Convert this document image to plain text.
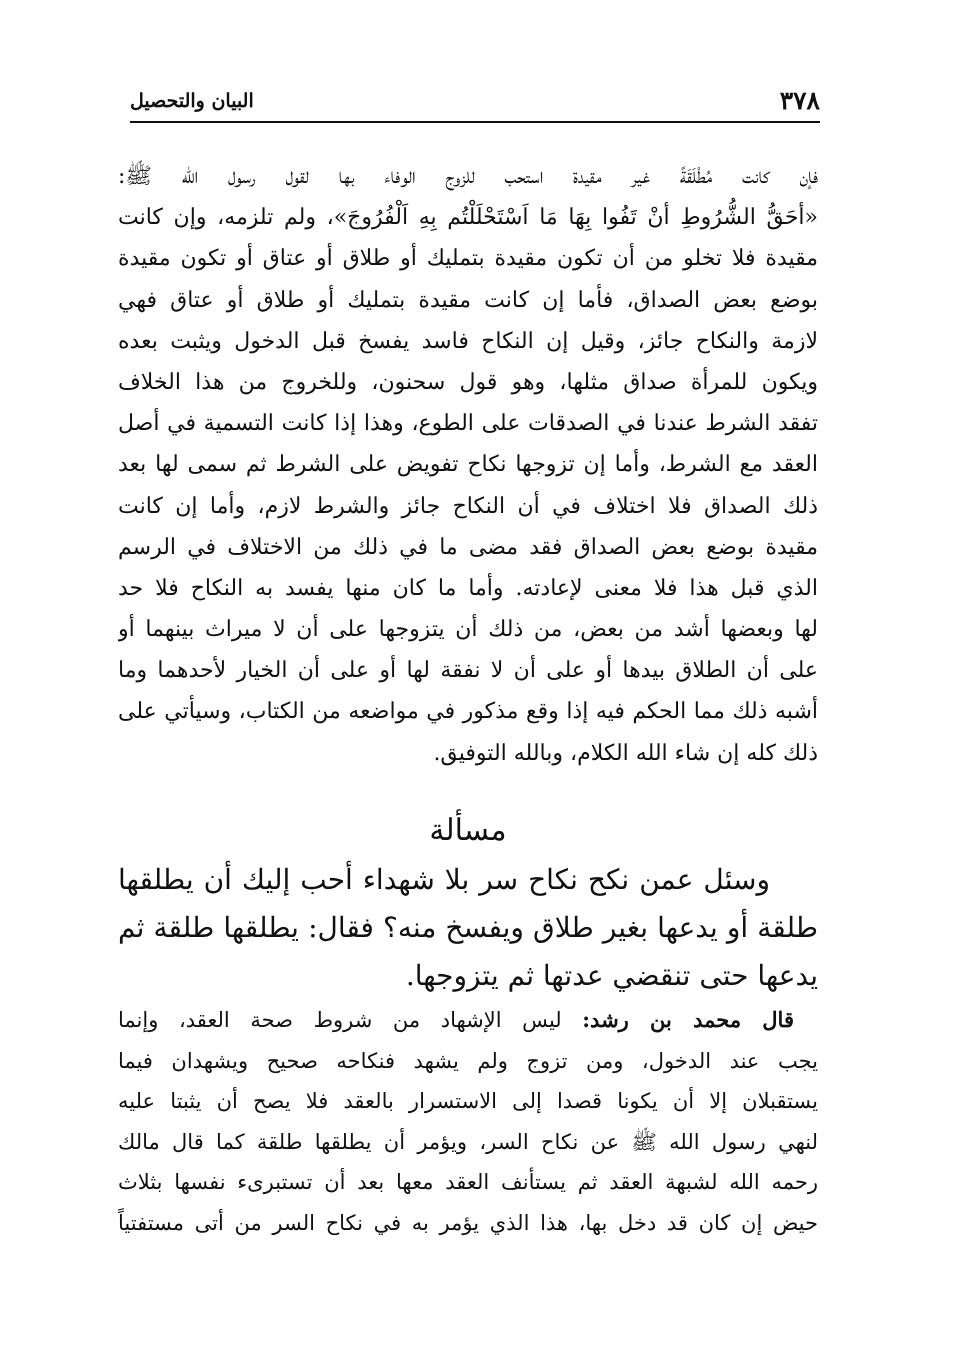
٣٧٨
البيان والتحصيل
فإن كانت مُطْلَقَةً غير مقيدة استحب للزوج الوفاء بها لقول رسول الله ﷺ:
«أحَقُّ الشُّرُوطِ أنْ تَفُوا بِهَا مَا اَسْتَحْلَلْتُم بِهِ اَلْفُرُوجَ»، ولم تلزمه، وإن كانت
مقيدة فلا تخلو من أن تكون مقيدة بتمليك أو طلاق أو عتاق أو تكون مقيدة
بوضع بعض الصداق، فأما إن كانت مقيدة بتمليك أو طلاق أو عتاق فهي
لازمة والنكاح جائز، وقيل إن النكاح فاسد يفسخ قبل الدخول ويثبت بعده
ويكون للمرأة صداق مثلها، وهو قول سحنون، وللخروج من هذا الخلاف
تفقد الشرط عندنا في الصدقات على الطوع، وهذا إذا كانت التسمية في أصل
العقد مع الشرط، وأما إن تزوجها نكاح تفويض على الشرط ثم سمى لها بعد
ذلك الصداق فلا اختلاف في أن النكاح جائز والشرط لازم، وأما إن كانت
مقيدة بوضع بعض الصداق فقد مضى ما في ذلك من الاختلاف في الرسم
الذي قبل هذا فلا معنى لإعادته. وأما ما كان منها يفسد به النكاح فلا حد
لها وبعضها أشد من بعض، من ذلك أن يتزوجها على أن لا ميراث بينهما أو
على أن الطلاق بيدها أو على أن لا نفقة لها أو على أن الخيار لأحدهما وما
أشبه ذلك مما الحكم فيه إذا وقع مذكور في مواضعه من الكتاب، وسيأتي على
ذلك كله إن شاء الله الكلام، وبالله التوفيق.
مسألة
وسئل عمن نكح نكاح سر بلا شهداء أحب إليك أن يطلقها
طلقة أو يدعها بغير طلاق ويفسخ منه؟ فقال: يطلقها طلقة ثم
يدعها حتى تنقضي عدتها ثم يتزوجها.
قال محمد بن رشد: ليس الإشهاد من شروط صحة العقد، وإنما
يجب عند الدخول، ومن تزوج ولم يشهد فنكاحه صحيح ويشهدان فيما
يستقبلان إلا أن يكونا قصدا إلى الاستسرار بالعقد فلا يصح أن يثبتا عليه
لنهي رسول الله ﷺ عن نكاح السر، ويؤمر أن يطلقها طلقة كما قال مالك
رحمه الله لشبهة العقد ثم يستأنف العقد معها بعد أن تستبرىء نفسها بثلاث
حيض إن كان قد دخل بها، هذا الذي يؤمر به في نكاح السر من أتى مستفتياً
